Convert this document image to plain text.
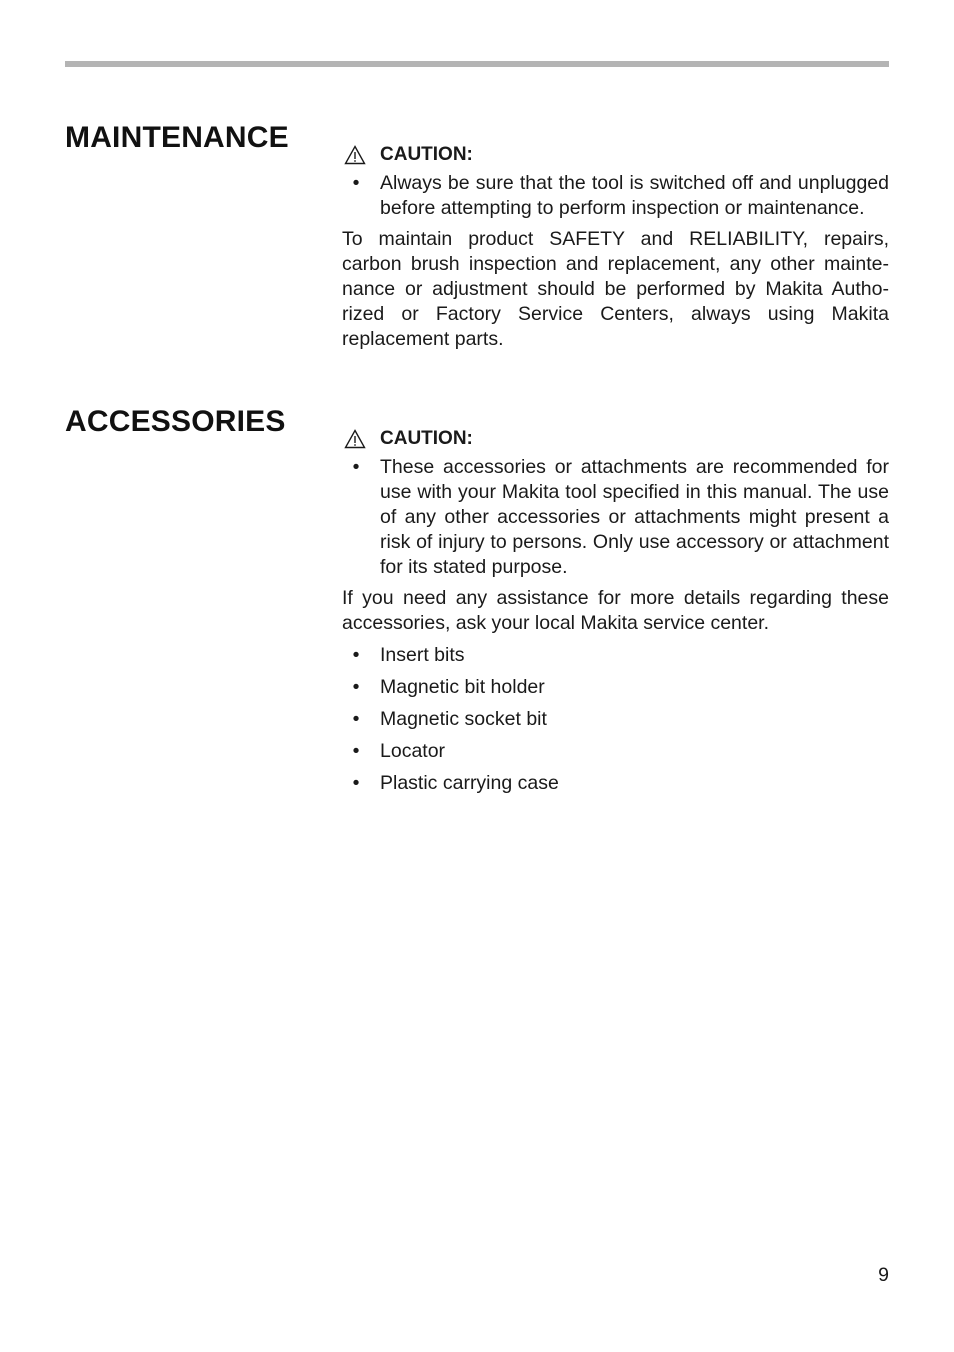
MAINTENANCE
CAUTION:
• Always be sure that the tool is switched off and unplugged before attempting to perform inspection or maintenance.
To maintain product SAFETY and RELIABILITY, repairs, carbon brush inspection and replacement, any other mainte-nance or adjustment should be performed by Makita Autho-rized or Factory Service Centers, always using Makita replacement parts.
ACCESSORIES
CAUTION:
• These accessories or attachments are recommended for use with your Makita tool specified in this manual. The use of any other accessories or attachments might present a risk of injury to persons. Only use accessory or attachment for its stated purpose.
If you need any assistance for more details regarding these accessories, ask your local Makita service center.
• Insert bits
• Magnetic bit holder
• Magnetic socket bit
• Locator
• Plastic carrying case
9
